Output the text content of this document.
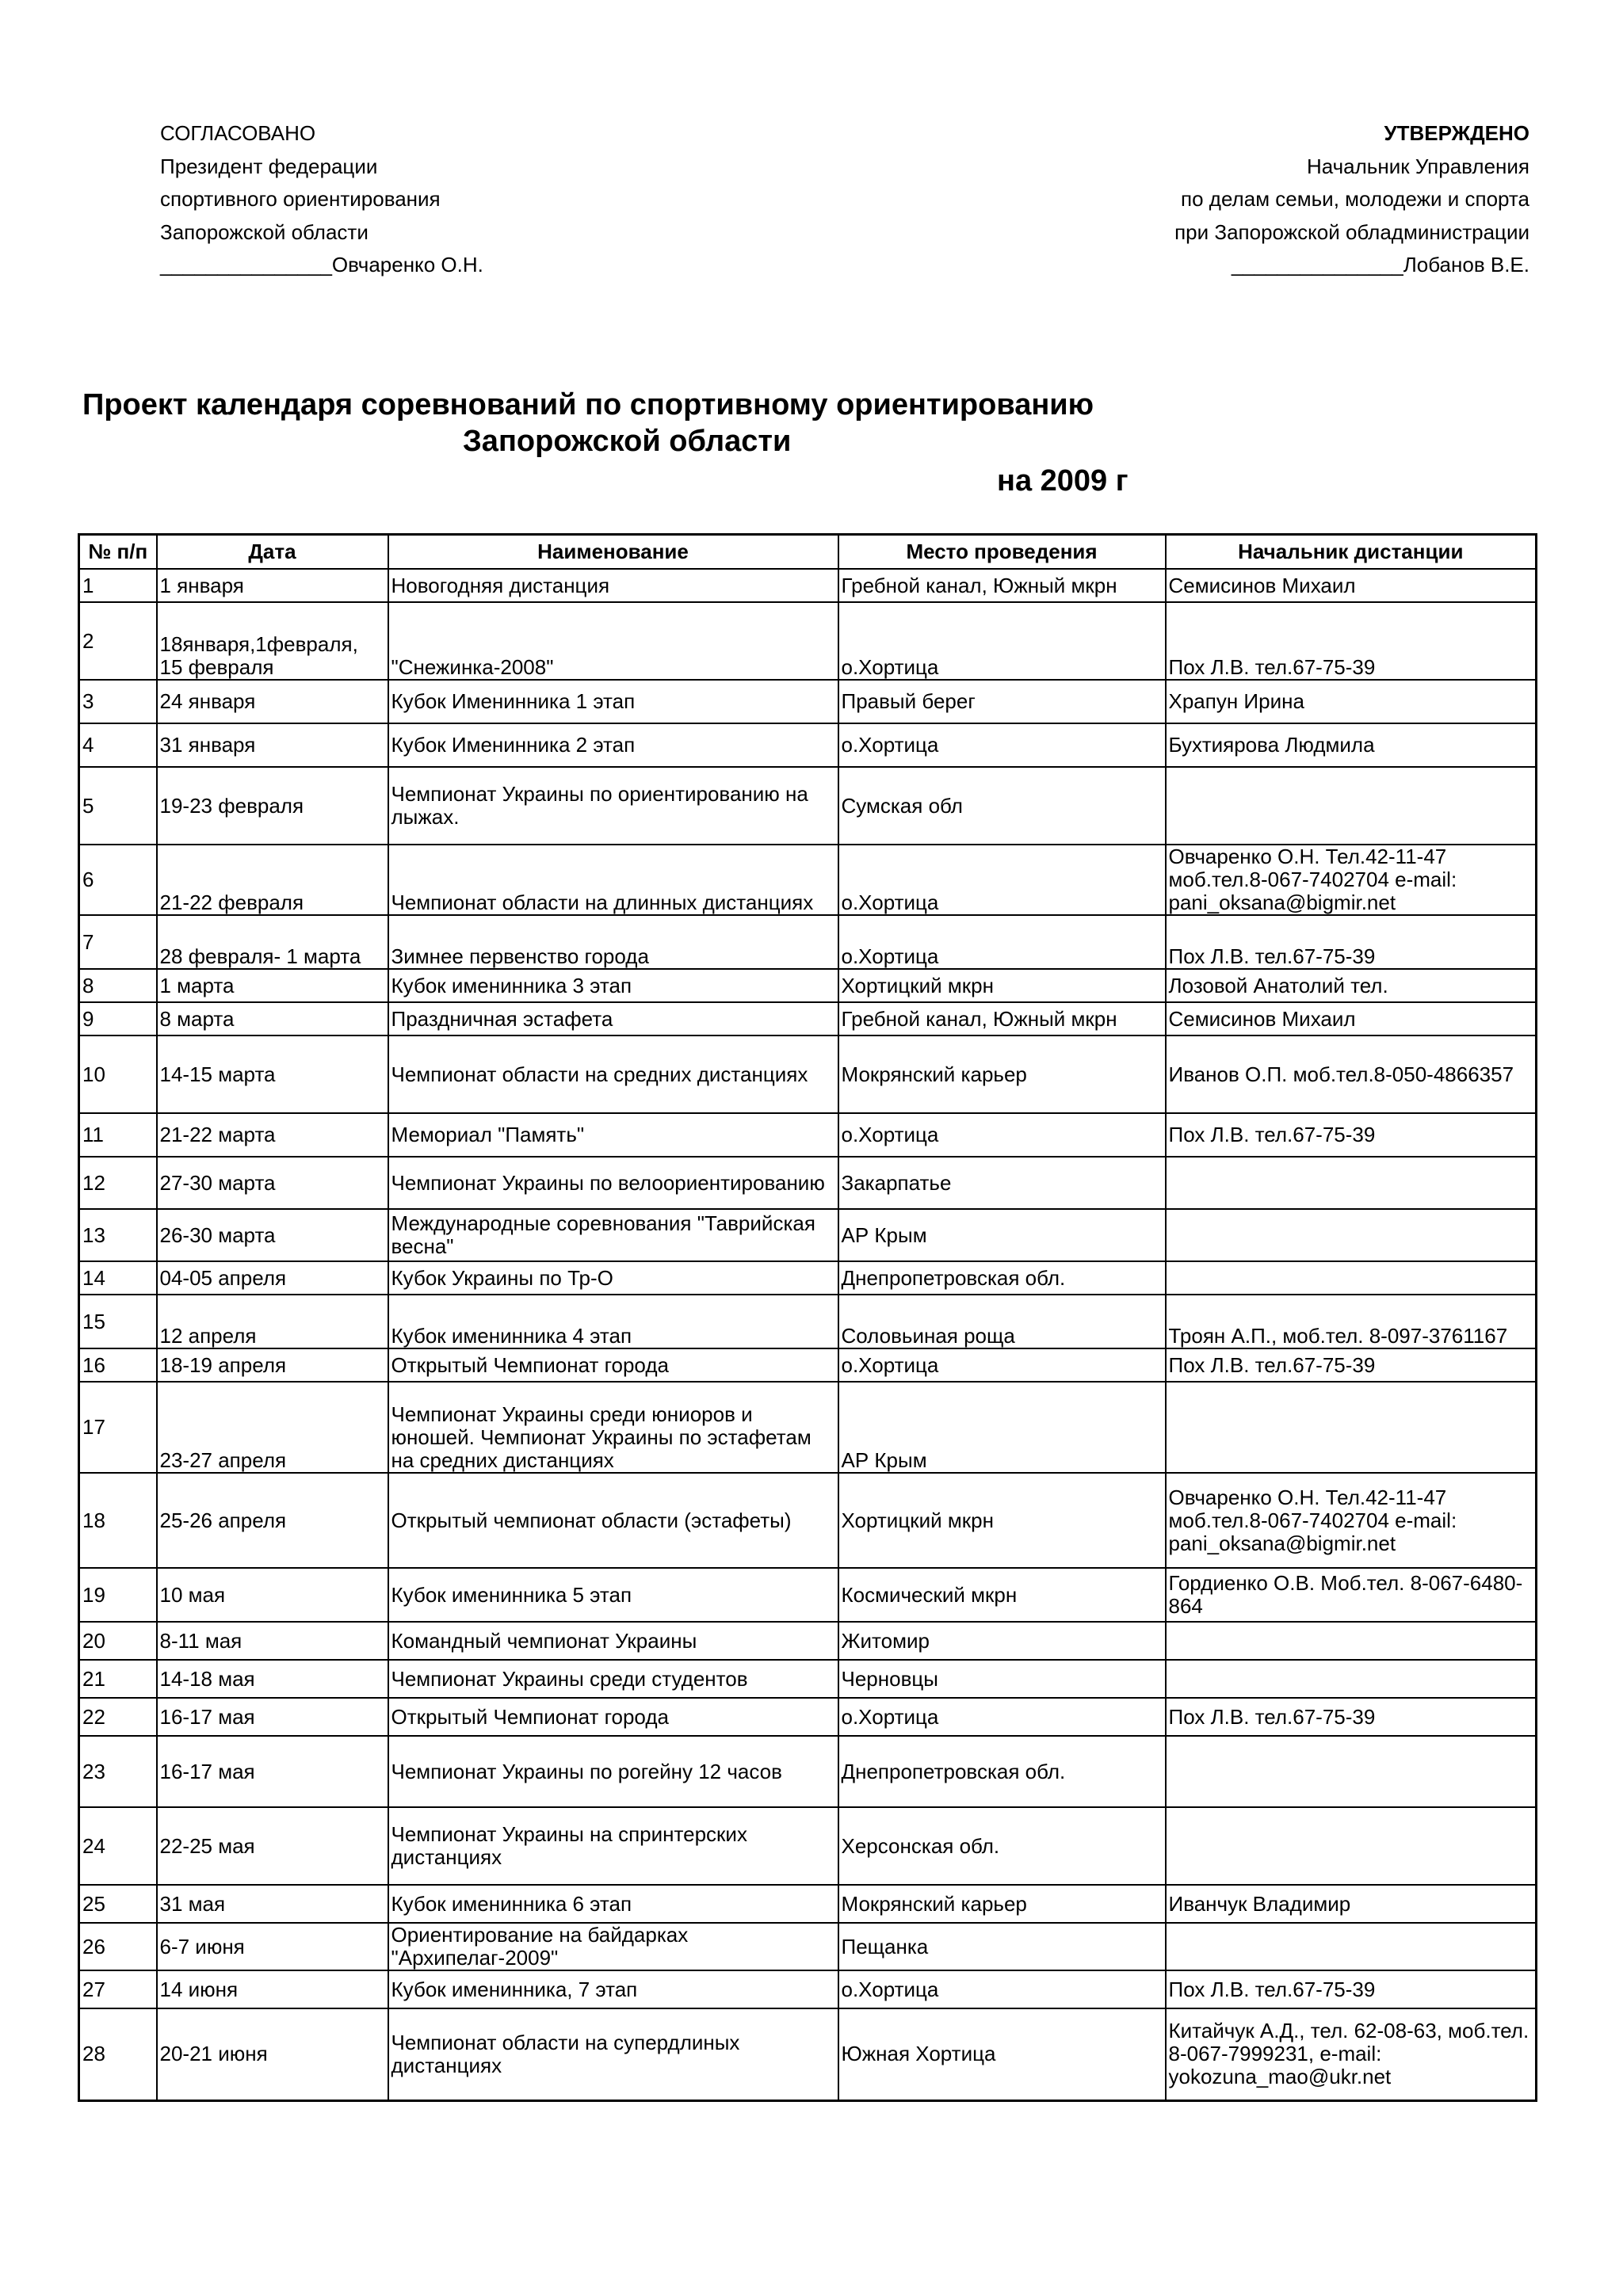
СОГЛАСОВАНО
Президент федерации
спортивного ориентирования
Запорожской области
_______________Овчаренко О.Н.
УТВЕРЖДЕНО
Начальник Управления
по делам семьи, молодежи и спорта
при Запорожской обладминистрации
_______________Лобанов В.Е.
Проект календаря соревнований по спортивному ориентированию
Запорожской области
на 2009 г
№ п/п	Дата	Наименование	Место проведения	Начальник дистанции
1	1 января	Новогодняя дистанция	Гребной канал, Южный мкрн	Семисинов Михаил
2	18января,1февраля, 15 февраля	"Снежинка-2008"	о.Хортица	Пох Л.В. тел.67-75-39
3	24 января	Кубок Именинника 1 этап	Правый берег	Храпун Ирина
4	31 января	Кубок Именинника 2 этап	о.Хортица	Бухтиярова Людмила
5	19-23 февраля	Чемпионат Украины по ориентированию на лыжах.	Сумская обл	
6	21-22 февраля	Чемпионат области на длинных дистанциях	о.Хортица	Овчаренко О.Н. Тел.42-11-47 моб.тел.8-067-7402704 e-mail: pani_oksana@bigmir.net
7	28 февраля- 1 марта	Зимнее первенство города	о.Хортица	Пох Л.В. тел.67-75-39
8	1 марта	Кубок именинника 3 этап	Хортицкий мкрн	Лозовой Анатолий тел.
9	8 марта	Праздничная эстафета	Гребной канал, Южный мкрн	Семисинов Михаил
10	14-15 марта	Чемпионат области на средних дистанциях	Мокрянский карьер	Иванов О.П. моб.тел.8-050-4866357
11	21-22 марта	Мемориал "Память"	о.Хортица	Пох Л.В. тел.67-75-39
12	27-30 марта	Чемпионат Украины по велоориентированию	Закарпатье	
13	26-30 марта	Международные соревнования "Таврийская весна"	АР Крым	
14	04-05 апреля	Кубок Украины по Тр-О	Днепропетровская обл.	
15	12 апреля	Кубок именинника 4 этап	Соловьиная роща	Троян А.П., моб.тел. 8-097-3761167
16	18-19 апреля	Открытый Чемпионат города	о.Хортица	Пох Л.В. тел.67-75-39
17	23-27 апреля	Чемпионат Украины среди юниоров и юношей. Чемпионат Украины по эстафетам на средних дистанциях	АР Крым	
18	25-26 апреля	Открытый чемпионат области (эстафеты)	Хортицкий мкрн	Овчаренко О.Н. Тел.42-11-47 моб.тел.8-067-7402704 e-mail: pani_oksana@bigmir.net
19	10 мая	Кубок именинника 5 этап	Космический мкрн	Гордиенко О.В. Моб.тел. 8-067-6480-864
20	8-11 мая	Командный чемпионат Украины	Житомир	
21	14-18 мая	Чемпионат Украины среди студентов	Черновцы	
22	16-17 мая	Открытый Чемпионат города	о.Хортица	Пох Л.В. тел.67-75-39
23	16-17 мая	Чемпионат Украины по рогейну 12 часов	Днепропетровская обл.	
24	22-25 мая	Чемпионат Украины на спринтерских дистанциях	Херсонская обл.	
25	31 мая	Кубок именинника 6 этап	Мокрянский карьер	Иванчук Владимир
26	6-7 июня	Ориентирование на байдарках "Архипелаг-2009"	Пещанка	
27	14 июня	Кубок именинника, 7 этап	о.Хортица	Пох Л.В. тел.67-75-39
28	20-21 июня	Чемпионат области на супердлиных дистанциях	Южная Хортица	Китайчук А.Д., тел. 62-08-63, моб.тел. 8-067-7999231, e-mail: yokozuna_mao@ukr.net
